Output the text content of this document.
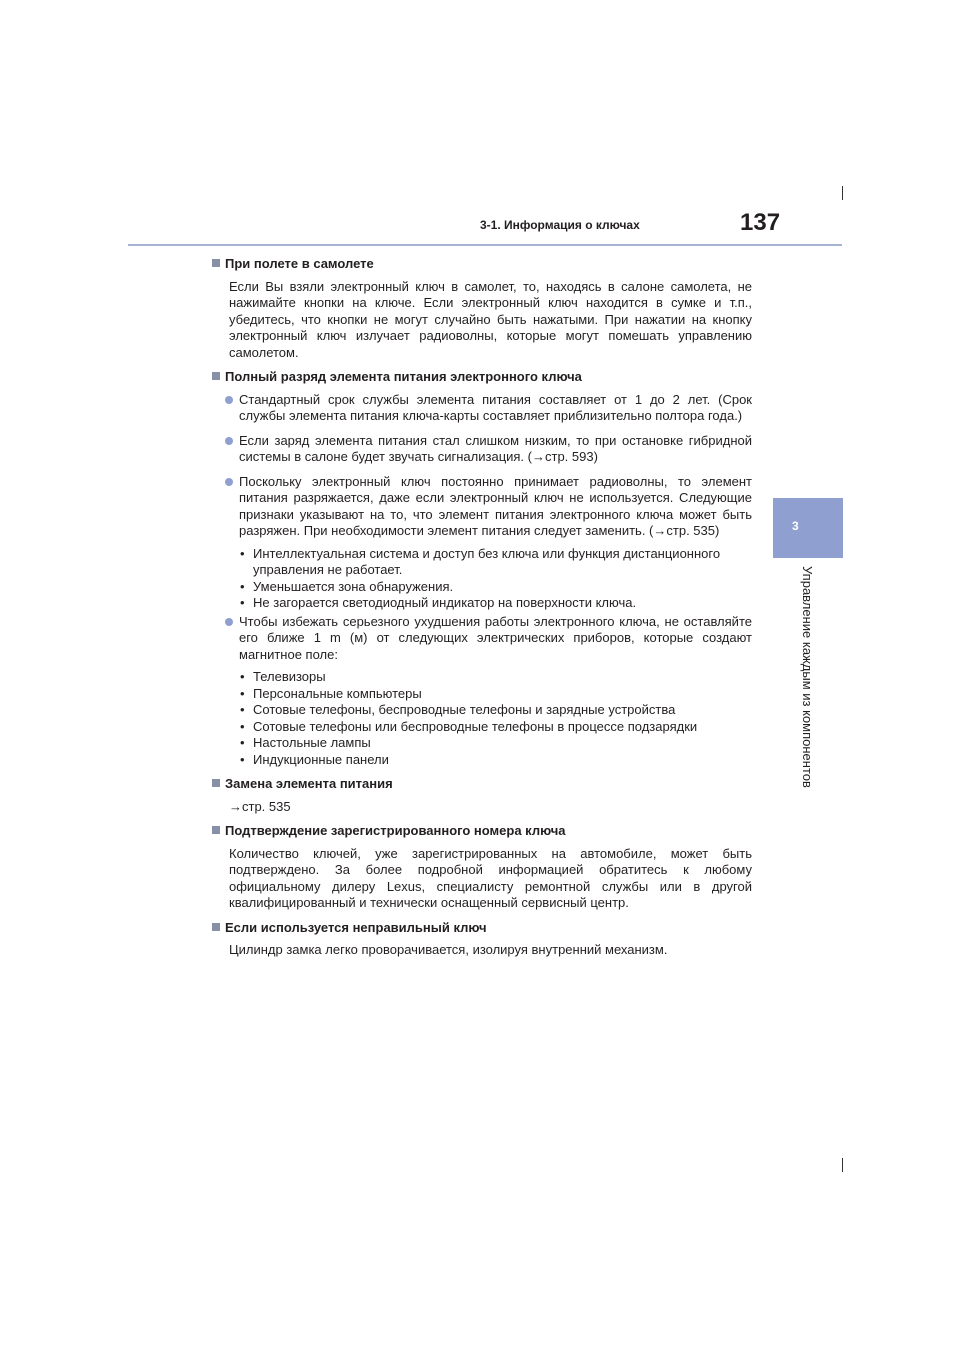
3-1. Информация о ключах	137
3
Управление каждым из компонентов
При полете в самолете
Если Вы взяли электронный ключ в самолет, то, находясь в салоне самолета, не нажимайте кнопки на ключе. Если электронный ключ находится в сумке и т.п., убедитесь, что кнопки не могут случайно быть нажатыми. При нажатии на кнопку электронный ключ излучает радиоволны, которые могут помешать управлению самолетом.
Полный разряд элемента питания электронного ключа
Стандартный срок службы элемента питания составляет от 1 до 2 лет. (Срок службы элемента питания ключа-карты составляет приблизительно полтора года.)
Если заряд элемента питания стал слишком низким, то при остановке гибридной системы в салоне будет звучать сигнализация. (→стр. 593)
Поскольку электронный ключ постоянно принимает радиоволны, то элемент питания разряжается, даже если электронный ключ не используется. Следующие признаки указывают на то, что элемент питания электронного ключа может быть разряжен. При необходимости элемент питания следует заменить. (→стр. 535)
• Интеллектуальная система и доступ без ключа или функция дистанционного управления не работает.
• Уменьшается зона обнаружения.
• Не загорается светодиодный индикатор на поверхности ключа.
Чтобы избежать серьезного ухудшения работы электронного ключа, не оставляйте его ближе 1 m (м) от следующих электрических приборов, которые создают магнитное поле:
• Телевизоры
• Персональные компьютеры
• Сотовые телефоны, беспроводные телефоны и зарядные устройства
• Сотовые телефоны или беспроводные телефоны в процессе подзарядки
• Настольные лампы
• Индукционные панели
Замена элемента питания
→стр. 535
Подтверждение зарегистрированного номера ключа
Количество ключей, уже зарегистрированных на автомобиле, может быть подтверждено. За более подробной информацией обратитесь к любому официальному дилеру Lexus, специалисту ремонтной службы или в другой квалифицированный и технически оснащенный сервисный центр.
Если используется неправильный ключ
Цилиндр замка легко проворачивается, изолируя внутренний механизм.
